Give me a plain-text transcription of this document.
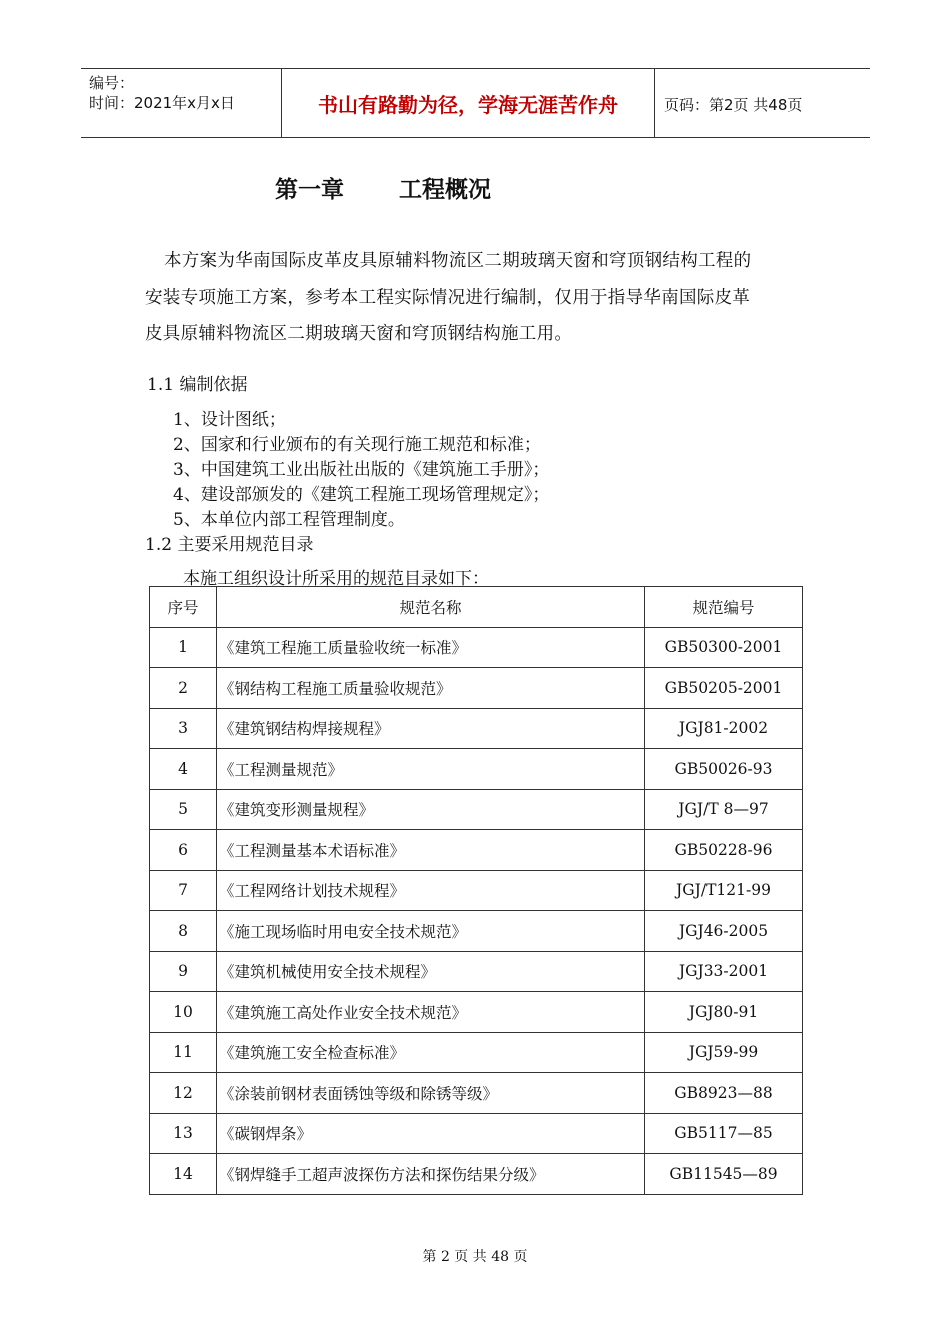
编号：
时间：2021年x月x日	书山有路勤为径，学海无涯苦作舟	页码：第2页 共48页
第一章 工程概况
本方案为华南国际皮革皮具原辅料物流区二期玻璃天窗和穹顶钢结构工程的
安装专项施工方案，参考本工程实际情况进行编制，仅用于指导华南国际皮革
皮具原辅料物流区二期玻璃天窗和穹顶钢结构施工用。
1.1 编制依据
1、设计图纸；
2、国家和行业颁布的有关现行施工规范和标准；
3、中国建筑工业出版社出版的《建筑施工手册》；
4、建设部颁发的《建筑工程施工现场管理规定》；
5、本单位内部工程管理制度。
1.2 主要采用规范目录
本施工组织设计所采用的规范目录如下：
序号	规范名称	规范编号
1	《建筑工程施工质量验收统一标准》	GB50300-2001
2	《钢结构工程施工质量验收规范》	GB50205-2001
3	《建筑钢结构焊接规程》	JGJ81-2002
4	《工程测量规范》	GB50026-93
5	《建筑变形测量规程》	JGJ/T 8—97
6	《工程测量基本术语标准》	GB50228-96
7	《工程网络计划技术规程》	JGJ/T121-99
8	《施工现场临时用电安全技术规范》	JGJ46-2005
9	《建筑机械使用安全技术规程》	JGJ33-2001
10	《建筑施工高处作业安全技术规范》	JGJ80-91
11	《建筑施工安全检查标准》	JGJ59-99
12	《涂装前钢材表面锈蚀等级和除锈等级》	GB8923—88
13	《碳钢焊条》	GB5117—85
14	《钢焊缝手工超声波探伤方法和探伤结果分级》	GB11545—89
第 2 页 共 48 页
